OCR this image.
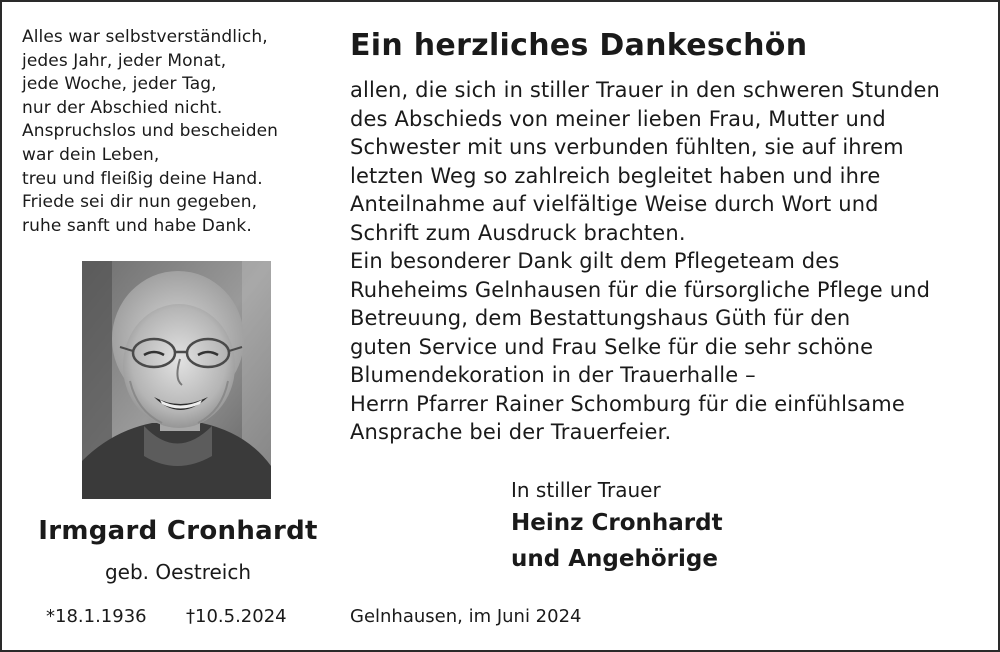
Alles war selbstverständlich,
jedes Jahr, jeder Monat,
jede Woche, jeder Tag,
nur der Abschied nicht.
Anspruchslos und bescheiden
war dein Leben,
treu und fleißig deine Hand.
Friede sei dir nun gegeben,
ruhe sanft und habe Dank.
Irmgard Cronhardt
geb. Oestreich
*18.1.1936 †10.5.2024
Ein herzliches Dankeschön
allen, die sich in stiller Trauer in den schweren Stunden
des Abschieds von meiner lieben Frau, Mutter und
Schwester mit uns verbunden fühlten, sie auf ihrem
letzten Weg so zahlreich begleitet haben und ihre
Anteilnahme auf vielfältige Weise durch Wort und
Schrift zum Ausdruck brachten.
Ein besonderer Dank gilt dem Pflegeteam des
Ruheheims Gelnhausen für die fürsorgliche Pflege und
Betreuung, dem Bestattungshaus Güth für den
guten Service und Frau Selke für die sehr schöne
Blumendekoration in der Trauerhalle –
Herrn Pfarrer Rainer Schomburg für die einfühlsame
Ansprache bei der Trauerfeier.
In stiller Trauer
Heinz Cronhardt
und Angehörige
Gelnhausen, im Juni 2024
